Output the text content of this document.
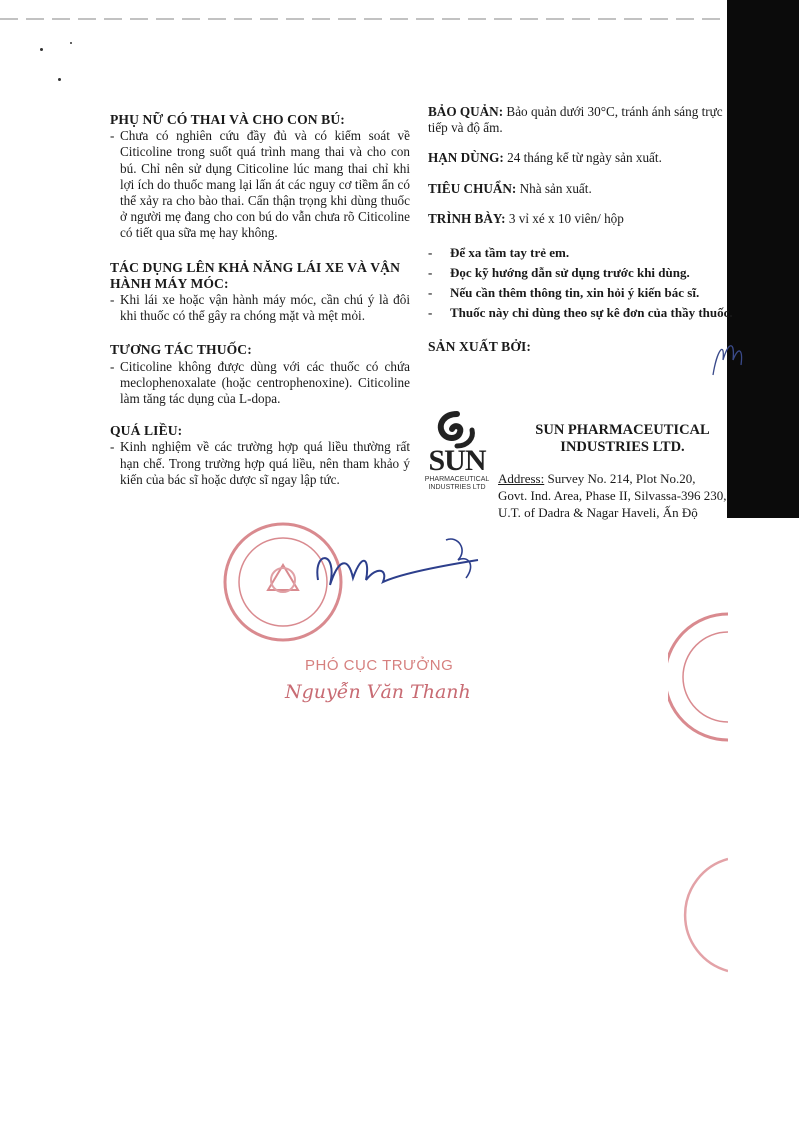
PHỤ NỮ CÓ THAI VÀ CHO CON BÚ:
- Chưa có nghiên cứu đầy đủ và có kiểm soát về Citicoline trong suốt quá trình mang thai và cho con bú. Chỉ nên sử dụng Citicoline lúc mang thai chỉ khi lợi ích do thuốc mang lại lấn át các nguy cơ tiềm ẩn có thể xảy ra cho bào thai. Cẩn thận trọng khi dùng thuốc ở người mẹ đang cho con bú do vẫn chưa rõ Citicoline có tiết qua sữa mẹ hay không.
TÁC DỤNG LÊN KHẢ NĂNG LÁI XE VÀ VẬN HÀNH MÁY MÓC:
- Khi lái xe hoặc vận hành máy móc, cần chú ý là đôi khi thuốc có thể gây ra chóng mặt và mệt mỏi.
TƯƠNG TÁC THUỐC:
- Citicoline không được dùng với các thuốc có chứa meclophenoxalate (hoặc centrophenoxine). Citicoline làm tăng tác dụng của L-dopa.
QUÁ LIỀU:
- Kinh nghiệm về các trường hợp quá liều thường rất hạn chế. Trong trường hợp quá liều, nên tham khảo ý kiến của bác sĩ hoặc dược sĩ ngay lập tức.
BẢO QUẢN: Bảo quản dưới 30°C, tránh ánh sáng trực tiếp và độ ẩm.
HẠN DÙNG: 24 tháng kể từ ngày sản xuất.
TIÊU CHUẨN: Nhà sản xuất.
TRÌNH BÀY: 3 vỉ xé x 10 viên/ hộp
- Để xa tầm tay trẻ em.
- Đọc kỹ hướng dẫn sử dụng trước khi dùng.
- Nếu cần thêm thông tin, xin hỏi ý kiến bác sĩ.
- Thuốc này chỉ dùng theo sự kê đơn của thầy thuốc.
SẢN XUẤT BỞI:
SUN
PHARMACEUTICAL
INDUSTRIES LTD
SUN PHARMACEUTICAL INDUSTRIES LTD.
Address: Survey No. 214, Plot No.20,
Govt. Ind. Area, Phase II, Silvassa-396 230,
U.T. of Dadra & Nagar Haveli, Ấn Độ
PHÓ CỤC TRƯỞNG
Nguyễn Văn Thanh
